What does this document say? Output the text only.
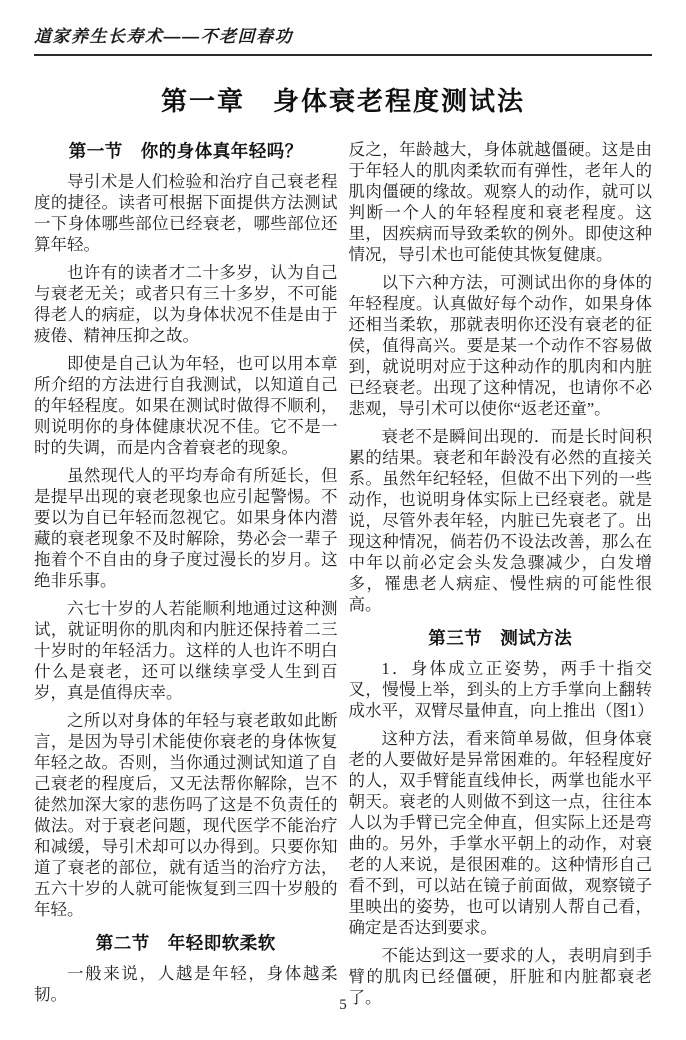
道家养生长寿术——不老回春功
第一章　身体衰老程度测试法
第一节　你的身体真年轻吗？

导引术是人们检验和治疗自己衰老程度的捷径。读者可根据下面提供方法测试一下身体哪些部位已经衰老，哪些部位还算年轻。

也许有的读者才二十多岁，认为自己与衰老无关；或者只有三十多岁，不可能得老人的病症，以为身体状况不佳是由于疲倦、精神压抑之故。

即使是自己认为年轻，也可以用本章所介绍的方法进行自我测试，以知道自己的年轻程度。如果在测试时做得不顺利，则说明你的身体健康状况不佳。它不是一时的失调，而是内含着衰老的现象。

虽然现代人的平均寿命有所延长，但是提早出现的衰老现象也应引起警惕。不要以为自已年轻而忽视它。如果身体内潜藏的衰老现象不及时解除，势必会一辈子拖着个不自由的身子度过漫长的岁月。这绝非乐事。

六七十岁的人若能顺利地通过这种测试，就证明你的肌肉和内脏还保持着二三十岁时的年轻活力。这样的人也许不明白什么是衰老，还可以继续享受人生到百岁，真是值得庆幸。

之所以对身体的年轻与衰老敢如此断言，是因为导引术能使你衰老的身体恢复年轻之故。否则，当你通过测试知道了自己衰老的程度后，又无法帮你解除，岂不徒然加深大家的悲伤吗了这是不负责任的做法。对于衰老问题，现代医学不能治疗和减缓，导引术却可以办得到。只要你知道了衰老的部位，就有适当的治疗方法，五六十岁的人就可能恢复到三四十岁般的年轻。

第二节　年轻即软柔软

一般来说，人越是年轻，身体越柔韧。

反之，年龄越大，身体就越僵硬。这是由于年轻人的肌肉柔软而有弹性，老年人的肌肉僵硬的缘故。观察人的动作，就可以判断一个人的年轻程度和衰老程度。这里，因疾病而导致柔软的例外。即使这种情况，导引术也可能使其恢复健康。

以下六种方法，可测试出你的身体的年轻程度。认真做好每个动作，如果身体还相当柔软，那就表明你还没有衰老的征侯，值得高兴。要是某一个动作不容易做到，就说明对应于这种动作的肌肉和内脏已经衰老。出现了这种情况，也请你不必悲观，导引术可以使你“返老还童”。

衰老不是瞬间出现的．而是长时间积累的结果。衰老和年龄没有必然的直接关系。虽然年纪轻轻，但做不出下列的一些动作，也说明身体实际上已经衰老。就是说，尽管外表年轻，内脏已先衰老了。出现这种情况，倘若仍不设法改善，那么在中年以前必定会头发急骤减少，白发增多，罹患老人病症、慢性病的可能性很高。

第三节　测试方法

1．身体成立正姿势，两手十指交叉，慢慢上举，到头的上方手掌向上翻转成水平，双臂尽量伸直，向上推出（图1）

这种方法，看来简单易做，但身体衰老的人要做好是异常困难的。年轻程度好的人，双手臂能直线伸长，两掌也能水平朝天。衰老的人则做不到这一点，往往本人以为手臂已完全伸直，但实际上还是弯曲的。另外，手掌水平朝上的动作，对衰老的人来说，是很困难的。这种情形自己看不到，可以站在镜子前面做，观察镜子里映出的姿势，也可以请别人帮自己看，确定是否达到要求。

不能达到这一要求的人，表明肩到手臂的肌肉已经僵硬，肝脏和内脏都衰老了。

5
